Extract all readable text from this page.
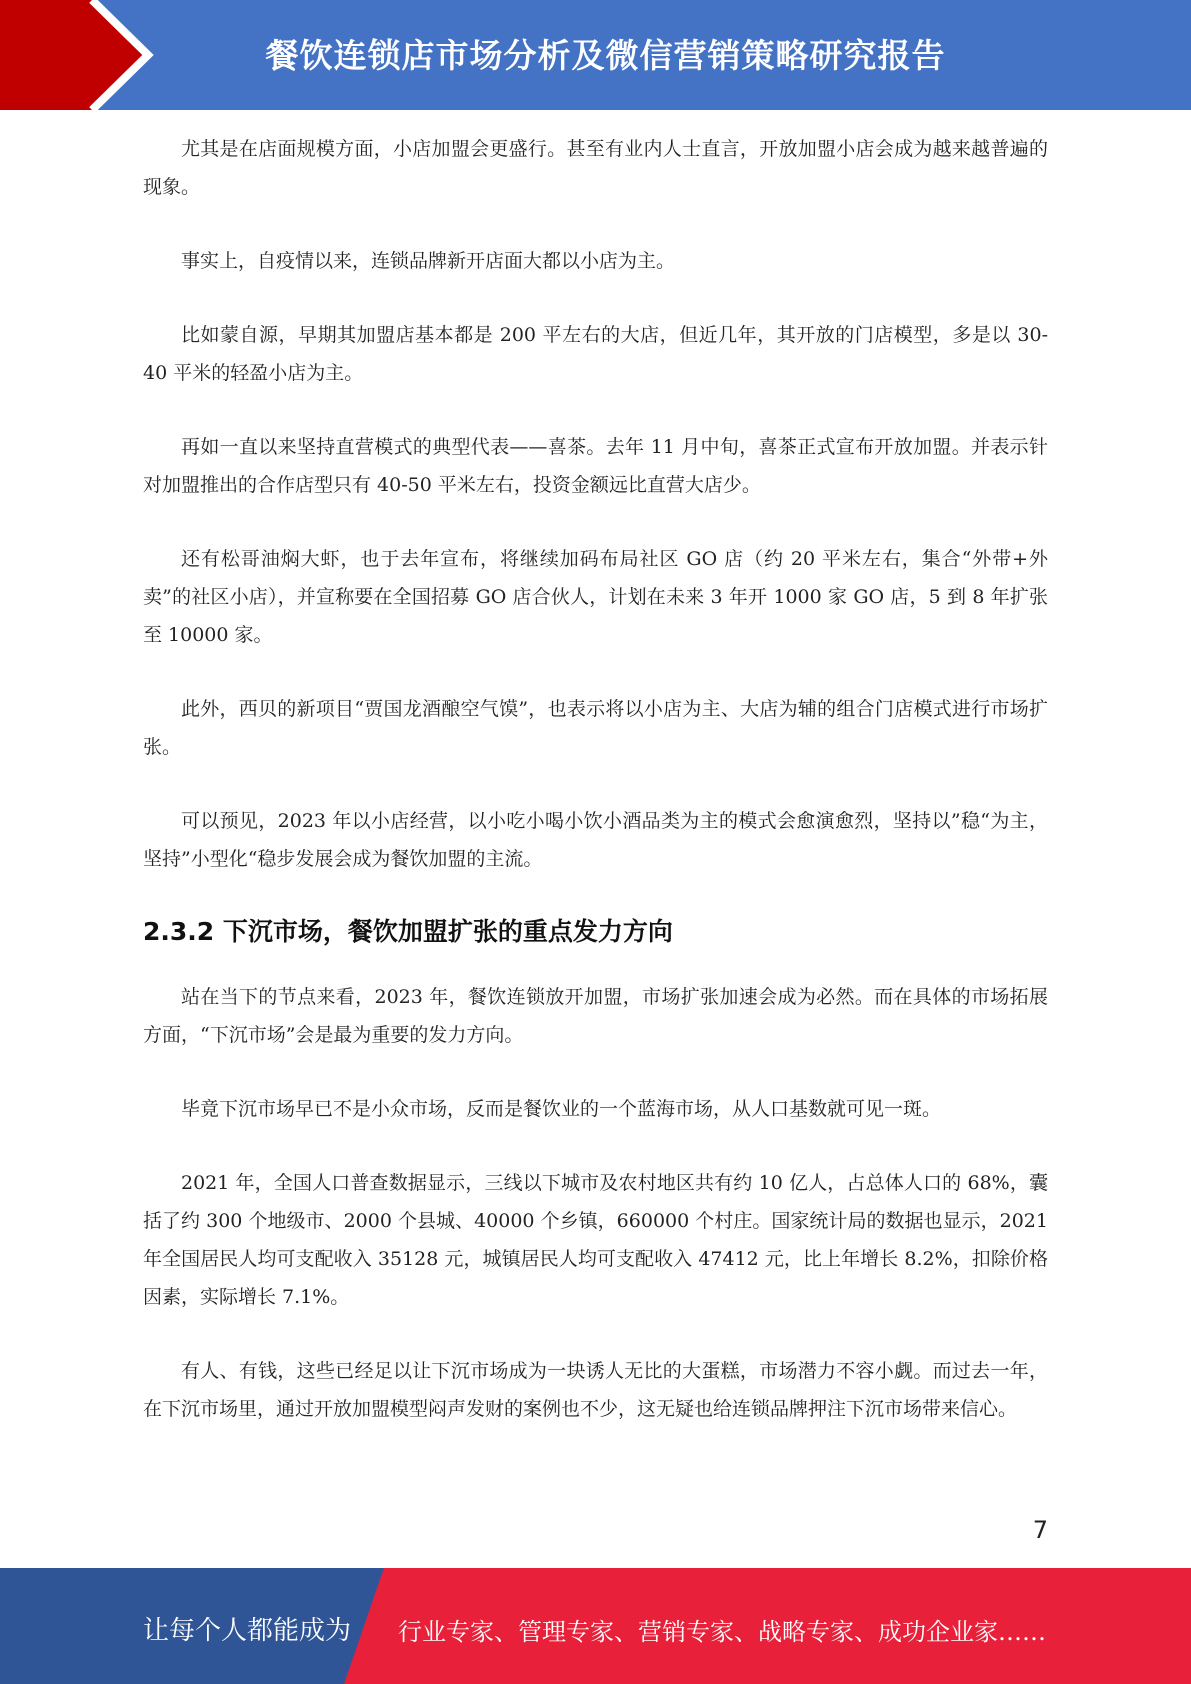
餐饮连锁店市场分析及微信营销策略研究报告

尤其是在店面规模方面，小店加盟会更盛行。甚至有业内人士直言，开放加盟小店会成为越来越普遍的现象。

事实上，自疫情以来，连锁品牌新开店面大都以小店为主。

比如蒙自源，早期其加盟店基本都是 200 平左右的大店，但近几年，其开放的门店模型，多是以 30-40 平米的轻盈小店为主。

再如一直以来坚持直营模式的典型代表——喜茶。去年 11 月中旬，喜茶正式宣布开放加盟。并表示针对加盟推出的合作店型只有 40-50 平米左右，投资金额远比直营大店少。

还有松哥油焖大虾，也于去年宣布，将继续加码布局社区 GO 店（约 20 平米左右，集合“外带+外卖”的社区小店），并宣称要在全国招募 GO 店合伙人，计划在未来 3 年开 1000 家 GO 店，5 到 8 年扩张至 10000 家。

此外，西贝的新项目“贾国龙酒酿空气馍”，也表示将以小店为主、大店为辅的组合门店模式进行市场扩张。

可以预见，2023 年以小店经营，以小吃小喝小饮小酒品类为主的模式会愈演愈烈，坚持以”稳“为主，坚持”小型化“稳步发展会成为餐饮加盟的主流。

2.3.2 下沉市场，餐饮加盟扩张的重点发力方向

站在当下的节点来看，2023 年，餐饮连锁放开加盟，市场扩张加速会成为必然。而在具体的市场拓展方面，“下沉市场”会是最为重要的发力方向。

毕竟下沉市场早已不是小众市场，反而是餐饮业的一个蓝海市场，从人口基数就可见一斑。

2021 年，全国人口普查数据显示，三线以下城市及农村地区共有约 10 亿人，占总体人口的 68%，囊括了约 300 个地级市、2000 个县城、40000 个乡镇，660000 个村庄。国家统计局的数据也显示，2021 年全国居民人均可支配收入 35128 元，城镇居民人均可支配收入 47412 元，比上年增长 8.2%，扣除价格因素，实际增长 7.1%。

有人、有钱，这些已经足以让下沉市场成为一块诱人无比的大蛋糕，市场潜力不容小觑。而过去一年，在下沉市场里，通过开放加盟模型闷声发财的案例也不少，这无疑也给连锁品牌押注下沉市场带来信心。

7
让每个人都能成为 行业专家、管理专家、营销专家、战略专家、成功企业家……
